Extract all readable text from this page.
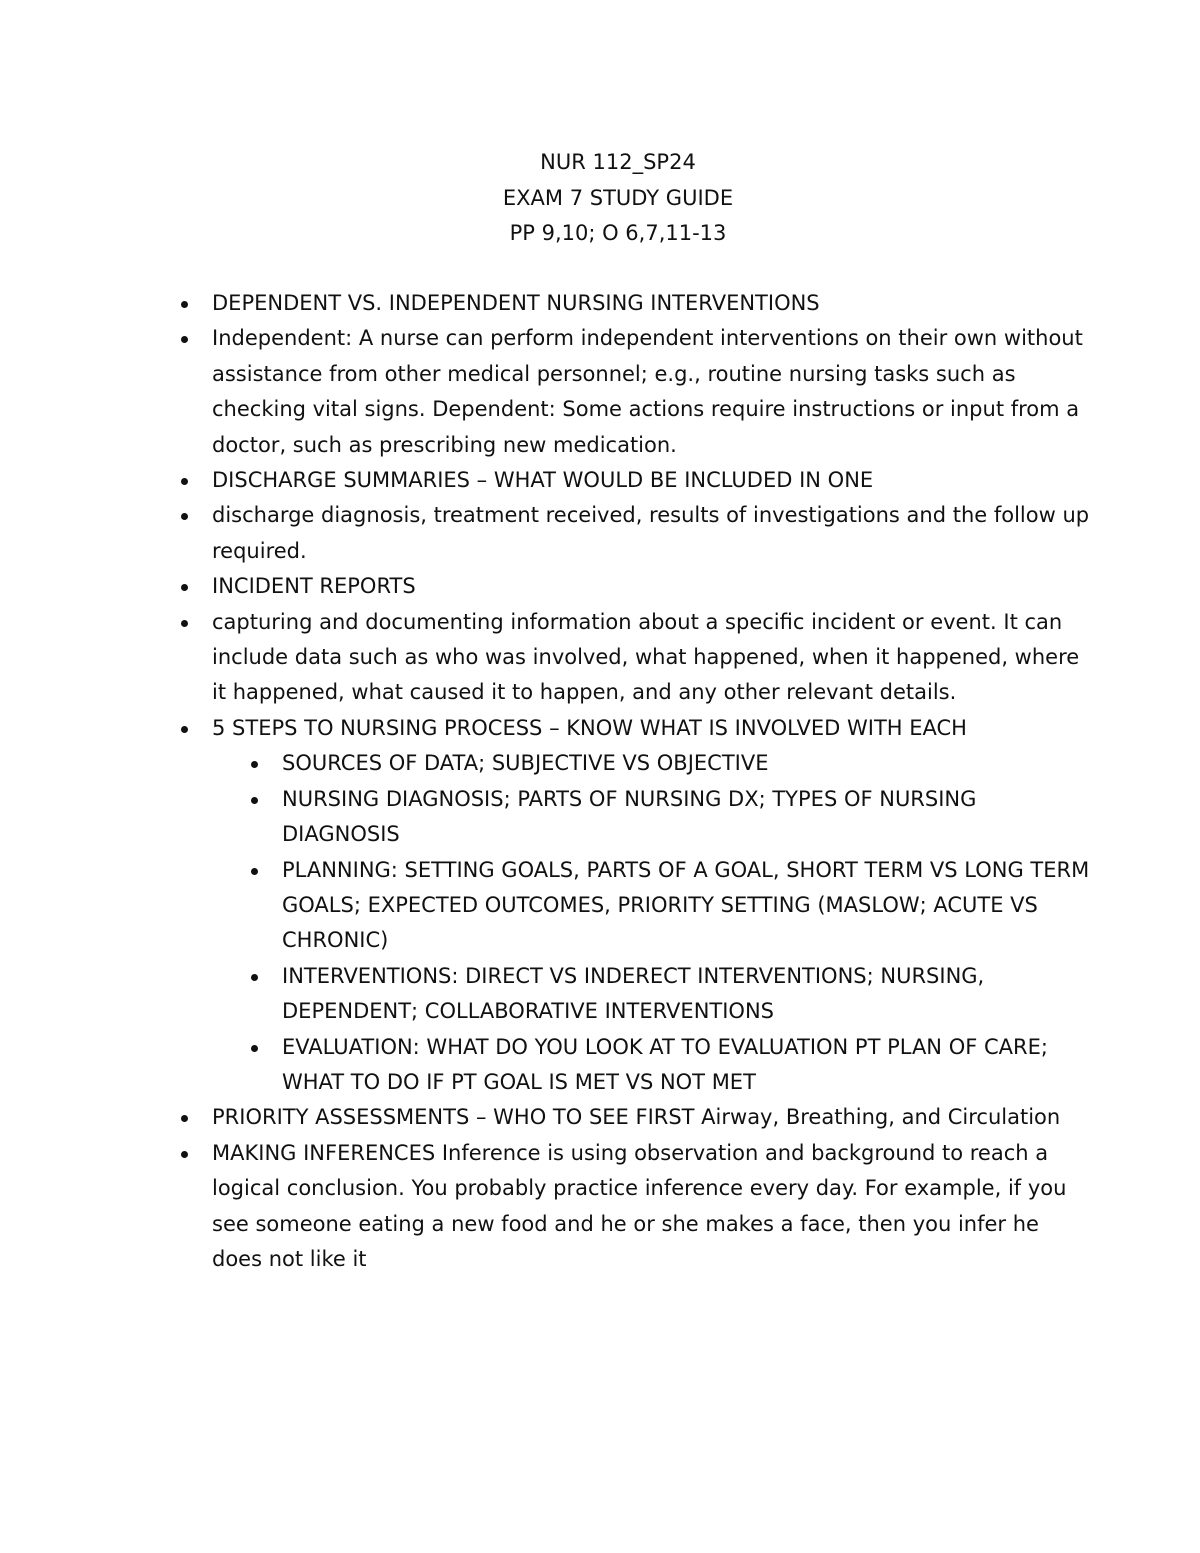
NUR 112_SP24
EXAM 7 STUDY GUIDE
PP 9,10; O 6,7,11-13
DEPENDENT VS. INDEPENDENT NURSING INTERVENTIONS
Independent: A nurse can perform independent interventions on their own without assistance from other medical personnel; e.g., routine nursing tasks such as checking vital signs. Dependent: Some actions require instructions or input from a doctor, such as prescribing new medication.
DISCHARGE SUMMARIES – WHAT WOULD BE INCLUDED IN ONE
discharge diagnosis, treatment received, results of investigations and the follow up required.
INCIDENT REPORTS
capturing and documenting information about a specific incident or event. It can include data such as who was involved, what happened, when it happened, where it happened, what caused it to happen, and any other relevant details.
5 STEPS TO NURSING PROCESS – KNOW WHAT IS INVOLVED WITH EACH
SOURCES OF DATA; SUBJECTIVE VS OBJECTIVE
NURSING DIAGNOSIS; PARTS OF NURSING DX; TYPES OF NURSING DIAGNOSIS
PLANNING: SETTING GOALS, PARTS OF A GOAL, SHORT TERM VS LONG TERM GOALS; EXPECTED OUTCOMES, PRIORITY SETTING (MASLOW; ACUTE VS CHRONIC)
INTERVENTIONS: DIRECT VS INDERECT INTERVENTIONS; NURSING, DEPENDENT; COLLABORATIVE INTERVENTIONS
EVALUATION: WHAT DO YOU LOOK AT TO EVALUATION PT PLAN OF CARE; WHAT TO DO IF PT GOAL IS MET VS NOT MET
PRIORITY ASSESSMENTS – WHO TO SEE FIRST Airway, Breathing, and Circulation
MAKING INFERENCES Inference is using observation and background to reach a logical conclusion. You probably practice inference every day. For example, if you see someone eating a new food and he or she makes a face, then you infer he does not like it
